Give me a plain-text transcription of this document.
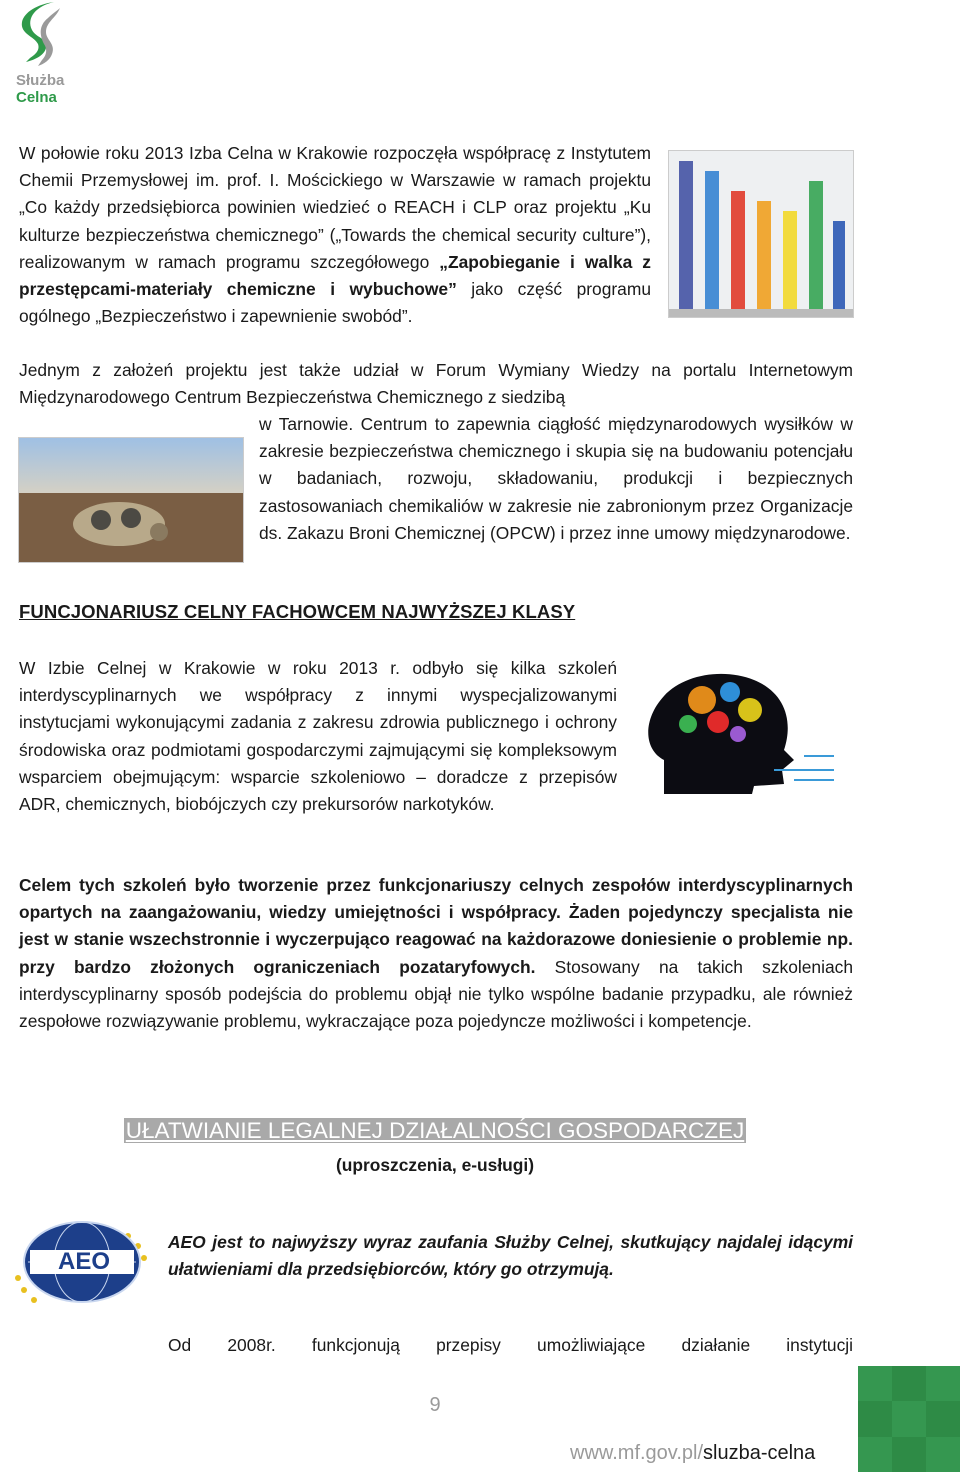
Służba
Celna
W połowie roku 2013 Izba Celna w Krakowie rozpoczęła współpracę z Instytutem Chemii Przemysłowej im. prof. I. Mościckiego w Warszawie w ramach projektu „Co każdy przedsiębiorca powinien wiedzieć o REACH i CLP oraz projektu „Ku kulturze bezpieczeństwa chemicznego” („Towards the chemical security culture”), realizowanym w ramach programu szczegółowego „Zapobieganie i walka z przestępcami-materiały chemiczne i wybuchowe” jako część programu ogólnego „Bezpieczeństwo i zapewnienie swobód”.
Jednym z założeń projektu jest także udział w Forum Wymiany Wiedzy na portalu Internetowym Międzynarodowego Centrum Bezpieczeństwa Chemicznego z siedzibą
w Tarnowie. Centrum to zapewnia ciągłość międzynarodowych wysiłków w zakresie bezpieczeństwa chemicznego i skupia się na budowaniu potencjału w badaniach, rozwoju, składowaniu, produkcji i bezpiecznych zastosowaniach chemikaliów w zakresie nie zabronionym przez Organizacje ds. Zakazu Broni Chemicznej (OPCW) i przez inne umowy międzynarodowe.
FUNCJONARIUSZ CELNY FACHOWCEM NAJWYŻSZEJ KLASY
W Izbie Celnej w Krakowie w roku 2013 r. odbyło się kilka szkoleń interdyscyplinarnych we współpracy z innymi wyspecjalizowanymi instytucjami wykonującymi zadania z zakresu zdrowia publicznego i ochrony środowiska oraz podmiotami gospodarczymi zajmującymi się kompleksowym wsparciem obejmującym: wsparcie szkoleniowo – doradcze z przepisów ADR, chemicznych, biobójczych czy prekursorów narkotyków.
Celem tych szkoleń było tworzenie przez funkcjonariuszy celnych zespołów interdyscyplinarnych opartych na zaangażowaniu, wiedzy umiejętności i współpracy. Żaden pojedynczy specjalista nie jest w stanie wszechstronnie i wyczerpująco reagować na każdorazowe doniesienie o problemie np. przy bardzo złożonych ograniczeniach pozataryfowych. Stosowany na takich szkoleniach interdyscyplinarny sposób podejścia do problemu objął nie tylko wspólne badanie przypadku, ale również zespołowe rozwiązywanie problemu, wykraczające poza pojedyncze możliwości i kompetencje.
UŁATWIANIE LEGALNEJ DZIAŁALNOŚCI GOSPODARCZEJ
(uproszczenia, e-usługi)
AEO
AEO jest to najwyższy wyraz zaufania Służby Celnej, skutkujący najdalej idącymi ułatwieniami dla przedsiębiorców, który go otrzymują.
Od 2008r. funkcjonują przepisy umożliwiające działanie instytucji
9
www.mf.gov.pl/sluzba-celna
